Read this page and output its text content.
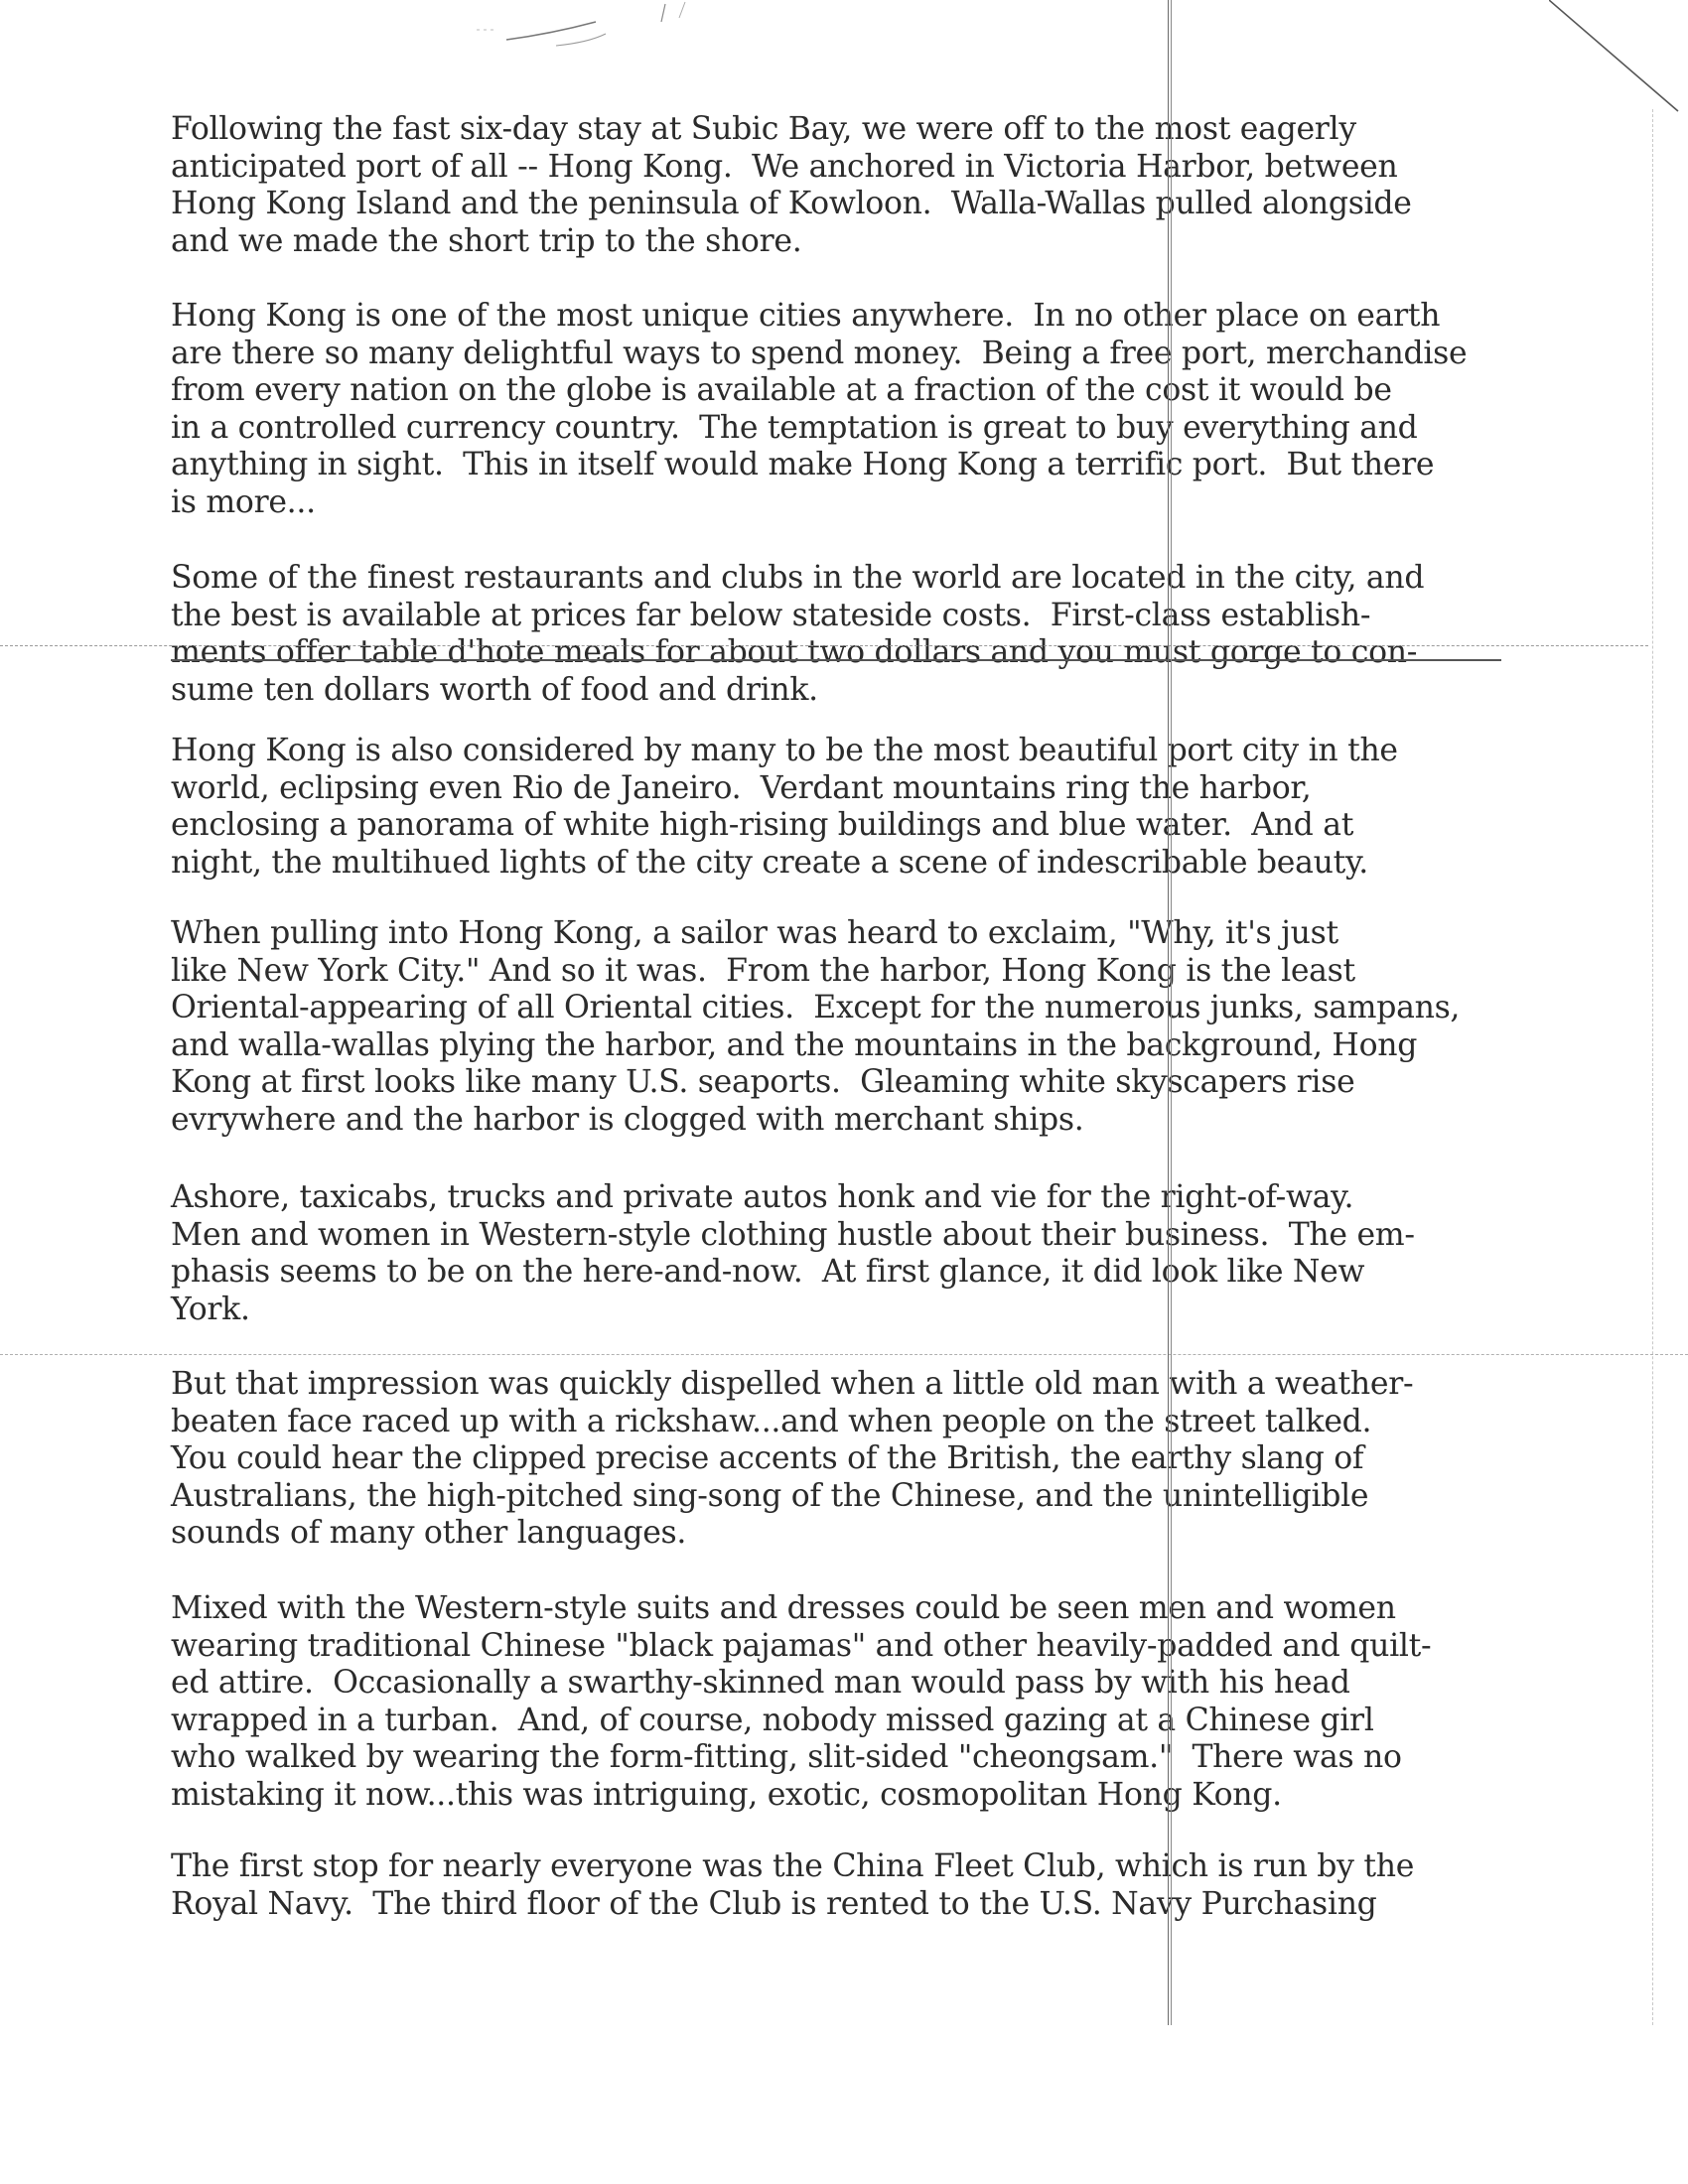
Following the fast six-day stay at Subic Bay, we were off to the most eagerly
anticipated port of all -- Hong Kong.  We anchored in Victoria Harbor, between
Hong Kong Island and the peninsula of Kowloon.  Walla-Wallas pulled alongside
and we made the short trip to the shore.

Hong Kong is one of the most unique cities anywhere.  In no other place on earth
are there so many delightful ways to spend money.  Being a free port, merchandise
from every nation on the globe is available at a fraction of the cost it would be
in a controlled currency country.  The temptation is great to buy everything and
anything in sight.  This in itself would make Hong Kong a terrific port.  But there
is more...

Some of the finest restaurants and clubs in the world are located in the city, and
the best is available at prices far below stateside costs.  First-class establish-
ments offer table d'hote meals for about two dollars and you must gorge to con-
sume ten dollars worth of food and drink.

Hong Kong is also considered by many to be the most beautiful port city in the
world, eclipsing even Rio de Janeiro.  Verdant mountains ring the harbor,
enclosing a panorama of white high-rising buildings and blue water.  And at
night, the multihued lights of the city create a scene of indescribable beauty.

When pulling into Hong Kong, a sailor was heard to exclaim, "Why, it's just
like New York City." And so it was.  From the harbor, Hong Kong is the least
Oriental-appearing of all Oriental cities.  Except for the numerous junks, sampans,
and walla-wallas plying the harbor, and the mountains in the background, Hong
Kong at first looks like many U.S. seaports.  Gleaming white skyscapers rise
evrywhere and the harbor is clogged with merchant ships.

Ashore, taxicabs, trucks and private autos honk and vie for the right-of-way.
Men and women in Western-style clothing hustle about their business.  The em-
phasis seems to be on the here-and-now.  At first glance, it did look like New
York.

But that impression was quickly dispelled when a little old man with a weather-
beaten face raced up with a rickshaw...and when people on the street talked.
You could hear the clipped precise accents of the British, the earthy slang of
Australians, the high-pitched sing-song of the Chinese, and the unintelligible
sounds of many other languages.

Mixed with the Western-style suits and dresses could be seen men and women
wearing traditional Chinese "black pajamas" and other heavily-padded and quilt-
ed attire.  Occasionally a swarthy-skinned man would pass by with his head
wrapped in a turban.  And, of course, nobody missed gazing at a Chinese girl
who walked by wearing the form-fitting, slit-sided "cheongsam."  There was no
mistaking it now...this was intriguing, exotic, cosmopolitan Hong Kong.

The first stop for nearly everyone was the China Fleet Club, which is run by the
Royal Navy.  The third floor of the Club is rented to the U.S. Navy Purchasing
